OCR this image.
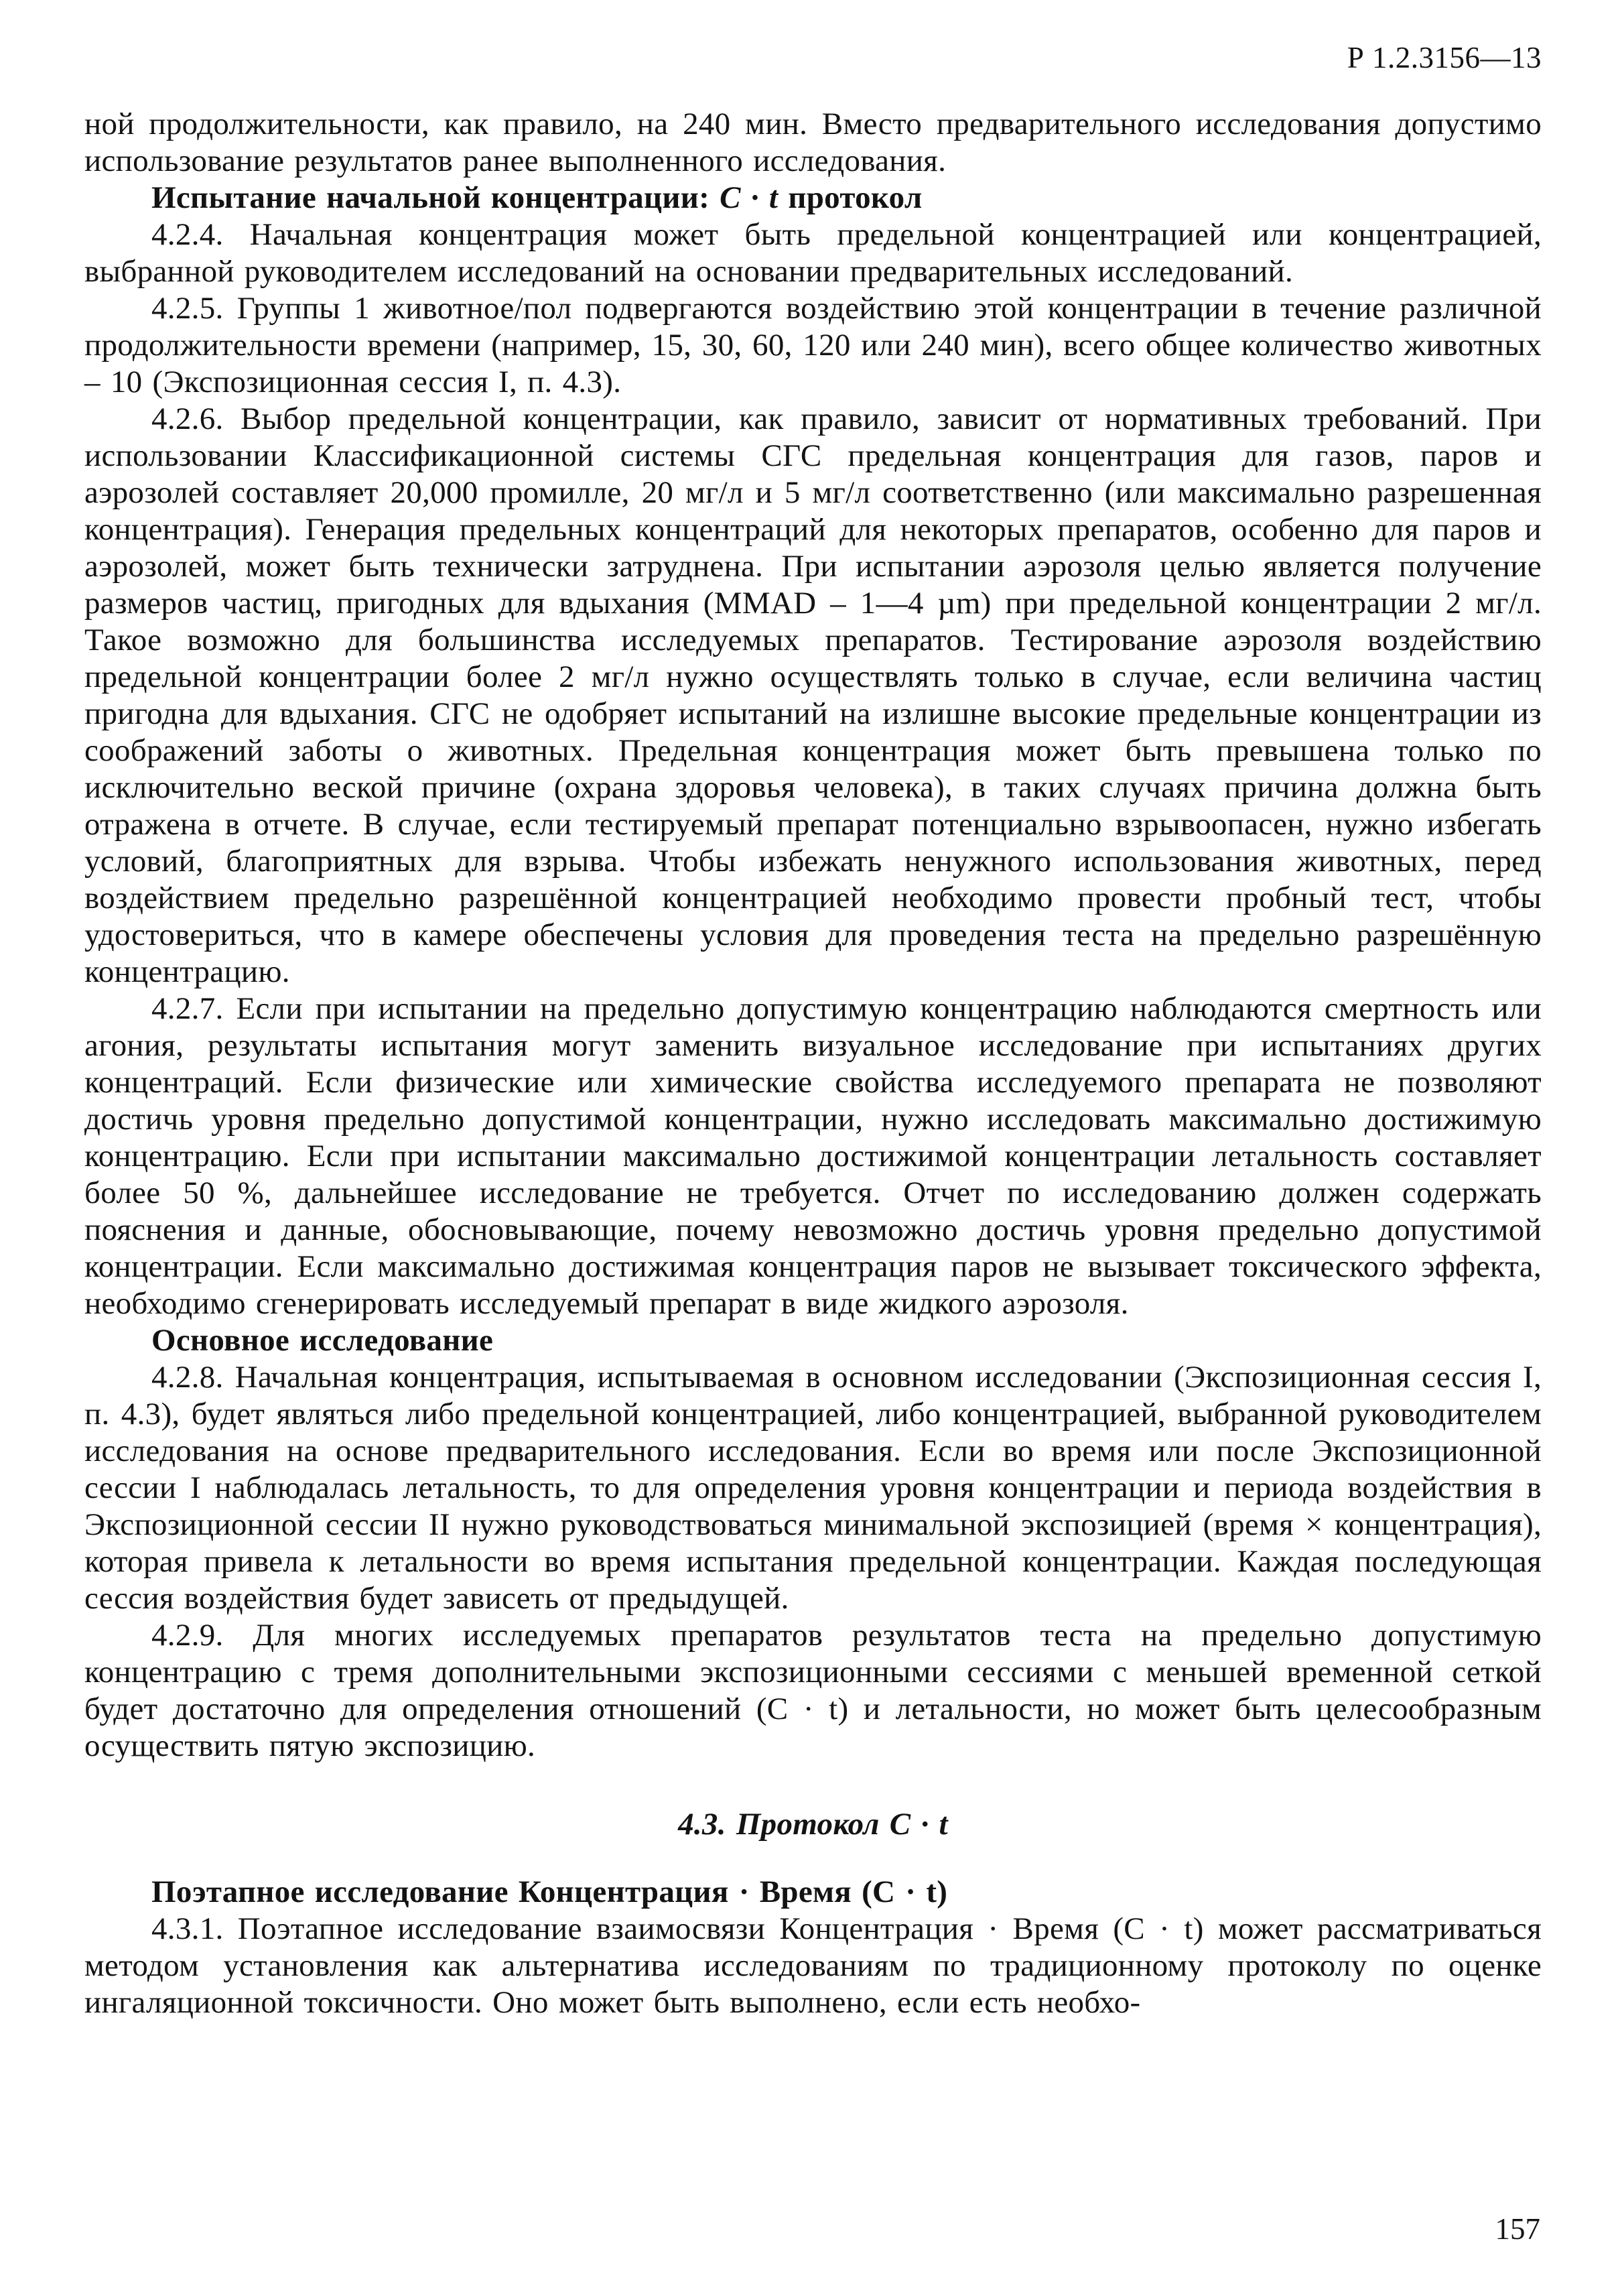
Р 1.2.3156—13

ной продолжительности, как правило, на 240 мин. Вместо предварительного исследования допустимо использование результатов ранее выполненного исследования.

Испытание начальной концентрации: C · t протокол

4.2.4. Начальная концентрация может быть предельной концентрацией или концентрацией, выбранной руководителем исследований на основании предварительных исследований.

4.2.5. Группы 1 животное/пол подвергаются воздействию этой концентрации в течение различной продолжительности времени (например, 15, 30, 60, 120 или 240 мин), всего общее количество животных – 10 (Экспозиционная сессия I, п. 4.3).

4.2.6. Выбор предельной концентрации, как правило, зависит от нормативных требований. При использовании Классификационной системы СГС предельная концентрация для газов, паров и аэрозолей составляет 20,000 промилле, 20 мг/л и 5 мг/л соответственно (или максимально разрешенная концентрация). Генерация предельных концентраций для некоторых препаратов, особенно для паров и аэрозолей, может быть технически затруднена. При испытании аэрозоля целью является получение размеров частиц, пригодных для вдыхания (MMAD – 1—4 µm) при предельной концентрации 2 мг/л. Такое возможно для большинства исследуемых препаратов. Тестирование аэрозоля воздействию предельной концентрации более 2 мг/л нужно осуществлять только в случае, если величина частиц пригодна для вдыхания. СГС не одобряет испытаний на излишне высокие предельные концентрации из соображений заботы о животных. Предельная концентрация может быть превышена только по исключительно веской причине (охрана здоровья человека), в таких случаях причина должна быть отражена в отчете. В случае, если тестируемый препарат потенциально взрывоопасен, нужно избегать условий, благоприятных для взрыва. Чтобы избежать ненужного использования животных, перед воздействием предельно разрешённой концентрацией необходимо провести пробный тест, чтобы удостовериться, что в камере обеспечены условия для проведения теста на предельно разрешённую концентрацию.

4.2.7. Если при испытании на предельно допустимую концентрацию наблюдаются смертность или агония, результаты испытания могут заменить визуальное исследование при испытаниях других концентраций. Если физические или химические свойства исследуемого препарата не позволяют достичь уровня предельно допустимой концентрации, нужно исследовать максимально достижимую концентрацию. Если при испытании максимально достижимой концентрации летальность составляет более 50 %, дальнейшее исследование не требуется. Отчет по исследованию должен содержать пояснения и данные, обосновывающие, почему невозможно достичь уровня предельно допустимой концентрации. Если максимально достижимая концентрация паров не вызывает токсического эффекта, необходимо сгенерировать исследуемый препарат в виде жидкого аэрозоля.

Основное исследование

4.2.8. Начальная концентрация, испытываемая в основном исследовании (Экспозиционная сессия I, п. 4.3), будет являться либо предельной концентрацией, либо концентрацией, выбранной руководителем исследования на основе предварительного исследования. Если во время или после Экспозиционной сессии I наблюдалась летальность, то для определения уровня концентрации и периода воздействия в Экспозиционной сессии II нужно руководствоваться минимальной экспозицией (время × концентрация), которая привела к летальности во время испытания предельной концентрации. Каждая последующая сессия воздействия будет зависеть от предыдущей.

4.2.9. Для многих исследуемых препаратов результатов теста на предельно допустимую концентрацию с тремя дополнительными экспозиционными сессиями с меньшей временной сеткой будет достаточно для определения отношений (C · t) и летальности, но может быть целесообразным осуществить пятую экспозицию.

4.3. Протокол C · t

Поэтапное исследование Концентрация · Время (C · t)

4.3.1. Поэтапное исследование взаимосвязи Концентрация · Время (C · t) может рассматриваться методом установления как альтернатива исследованиям по традиционному протоколу по оценке ингаляционной токсичности. Оно может быть выполнено, если есть необхо-

157
